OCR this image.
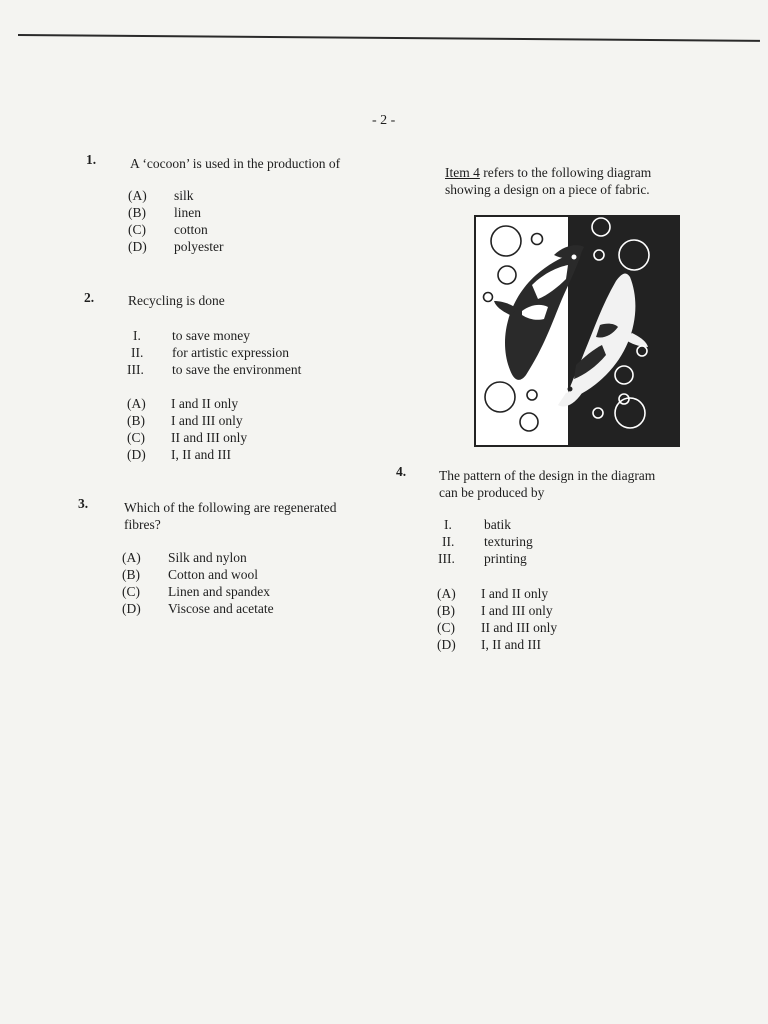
- 2 -
1.	A ‘cocoon’ is used in the production of
(A) silk
(B) linen
(C) cotton
(D) polyester
2.	Recycling is done
I. to save money
II. for artistic expression
III. to save the environment
(A) I and II only
(B) I and III only
(C) II and III only
(D) I, II and III
3.	Which of the following are regenerated
fibres?
(A) Silk and nylon
(B) Cotton and wool
(C) Linen and spandex
(D) Viscose and acetate
Item 4 refers to the following diagram
showing a design on a piece of fabric.
4. The pattern of the design in the diagram
can be produced by
I. batik
II. texturing
III. printing
(A) I and II only
(B) I and III only
(C) II and III only
(D) I, II and III
